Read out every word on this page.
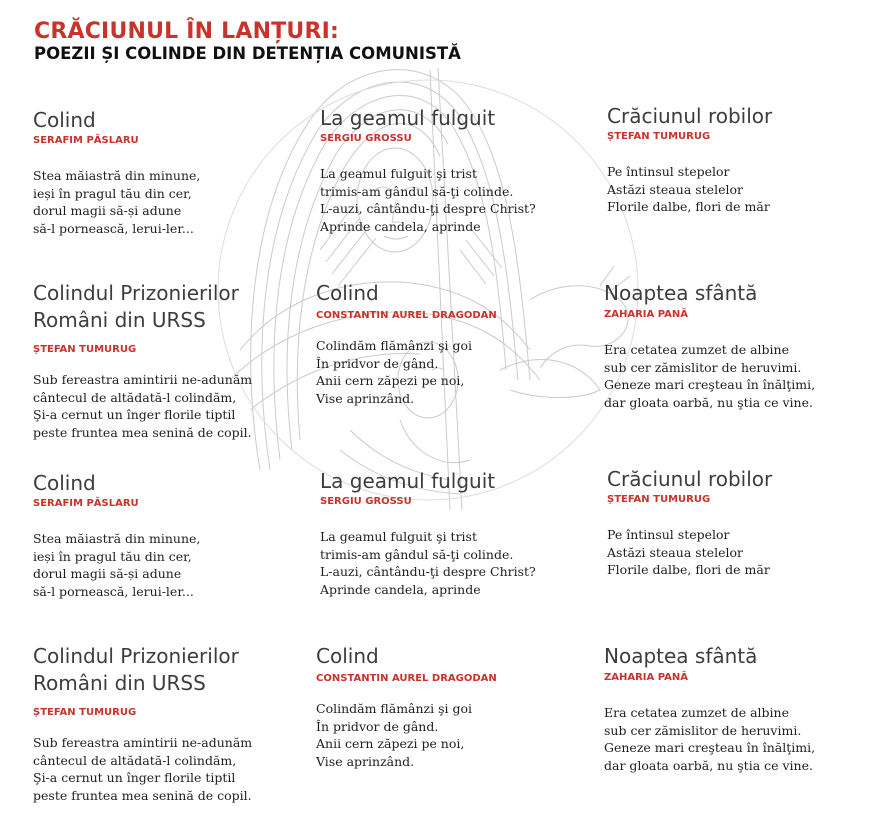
CRĂCIUNUL ÎN LANȚURI:
POEZII ȘI COLINDE DIN DETENȚIA COMUNISTĂ
Colind
SERAFIM PĂSLARU
Stea măiastră din minune,
ieși în pragul tău din cer,
dorul magii să-și adune
să-l pornească, lerui-ler...
La geamul fulguit
SERGIU GROSSU
La geamul fulguit şi trist
trimis-am gândul să-ţi colinde.
L-auzi, cântându-ţi despre Christ?
Aprinde candela, aprinde
Crăciunul robilor
ȘTEFAN TUMURUG
Pe întinsul stepelor
Astăzi steaua stelelor
Florile dalbe, flori de măr
Colindul Prizonierilor
Români din URSS
ȘTEFAN TUMURUG
Sub fereastra amintirii ne-adunăm
cântecul de altădată-l colindăm,
Şi-a cernut un înger florile tiptil
peste fruntea mea senină de copil.
Colind
CONSTANTIN AUREL DRAGODAN
Colindăm flămânzi şi goi
În pridvor de gând.
Anii cern zăpezi pe noi,
Vise aprinzând.
Noaptea sfântă
ZAHARIA PANĂ
Era cetatea zumzet de albine
sub cer zămislitor de heruvimi.
Geneze mari creşteau în înălţimi,
dar gloata oarbă, nu ştia ce vine.
Colind
SERAFIM PĂSLARU
Stea măiastră din minune,
ieși în pragul tău din cer,
dorul magii să-și adune
să-l pornească, lerui-ler...
La geamul fulguit
SERGIU GROSSU
La geamul fulguit şi trist
trimis-am gândul să-ţi colinde.
L-auzi, cântându-ţi despre Christ?
Aprinde candela, aprinde
Crăciunul robilor
ȘTEFAN TUMURUG
Pe întinsul stepelor
Astăzi steaua stelelor
Florile dalbe, flori de măr
Colindul Prizonierilor
Români din URSS
ȘTEFAN TUMURUG
Sub fereastra amintirii ne-adunăm
cântecul de altădată-l colindăm,
Şi-a cernut un înger florile tiptil
peste fruntea mea senină de copil.
Colind
CONSTANTIN AUREL DRAGODAN
Colindăm flămânzi şi goi
În pridvor de gând.
Anii cern zăpezi pe noi,
Vise aprinzând.
Noaptea sfântă
ZAHARIA PANĂ
Era cetatea zumzet de albine
sub cer zămislitor de heruvimi.
Geneze mari creşteau în înălţimi,
dar gloata oarbă, nu ştia ce vine.
